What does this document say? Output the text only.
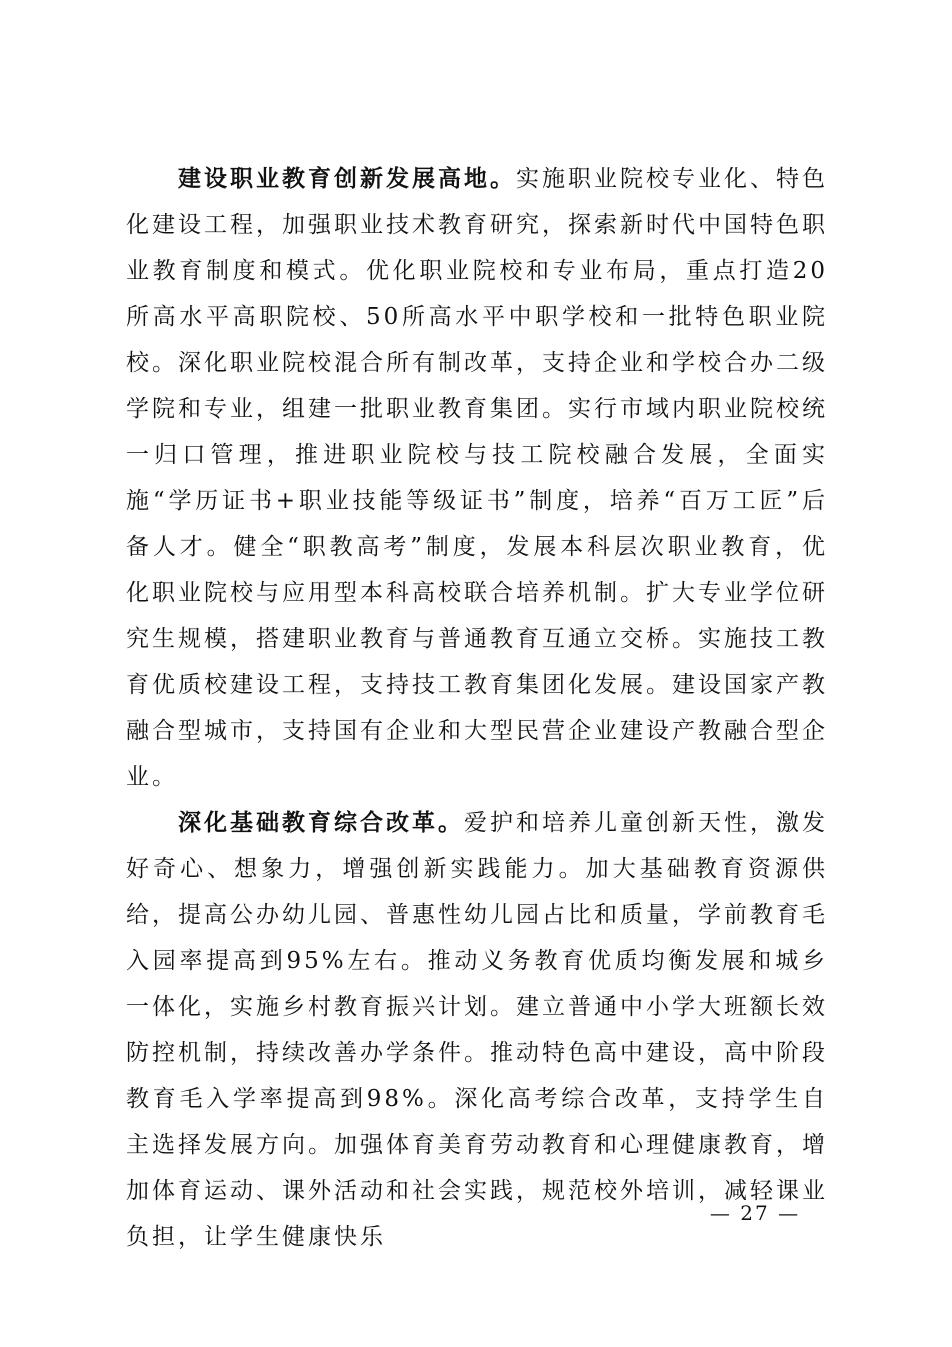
建设职业教育创新发展高地。实施职业院校专业化、特色化建设工程，加强职业技术教育研究，探索新时代中国特色职业教育制度和模式。优化职业院校和专业布局，重点打造20所高水平高职院校、50所高水平中职学校和一批特色职业院校。深化职业院校混合所有制改革，支持企业和学校合办二级学院和专业，组建一批职业教育集团。实行市域内职业院校统一归口管理，推进职业院校与技工院校融合发展，全面实施“学历证书+职业技能等级证书”制度，培养“百万工匠”后备人才。健全“职教高考”制度，发展本科层次职业教育，优化职业院校与应用型本科高校联合培养机制。扩大专业学位研究生规模，搭建职业教育与普通教育互通立交桥。实施技工教育优质校建设工程，支持技工教育集团化发展。建设国家产教融合型城市，支持国有企业和大型民营企业建设产教融合型企业。

深化基础教育综合改革。爱护和培养儿童创新天性，激发好奇心、想象力，增强创新实践能力。加大基础教育资源供给，提高公办幼儿园、普惠性幼儿园占比和质量，学前教育毛入园率提高到95%左右。推动义务教育优质均衡发展和城乡一体化，实施乡村教育振兴计划。建立普通中小学大班额长效防控机制，持续改善办学条件。推动特色高中建设，高中阶段教育毛入学率提高到98%。深化高考综合改革，支持学生自主选择发展方向。加强体育美育劳动教育和心理健康教育，增加体育运动、课外活动和社会实践，规范校外培训，减轻课业负担，让学生健康快乐

— 27 —
